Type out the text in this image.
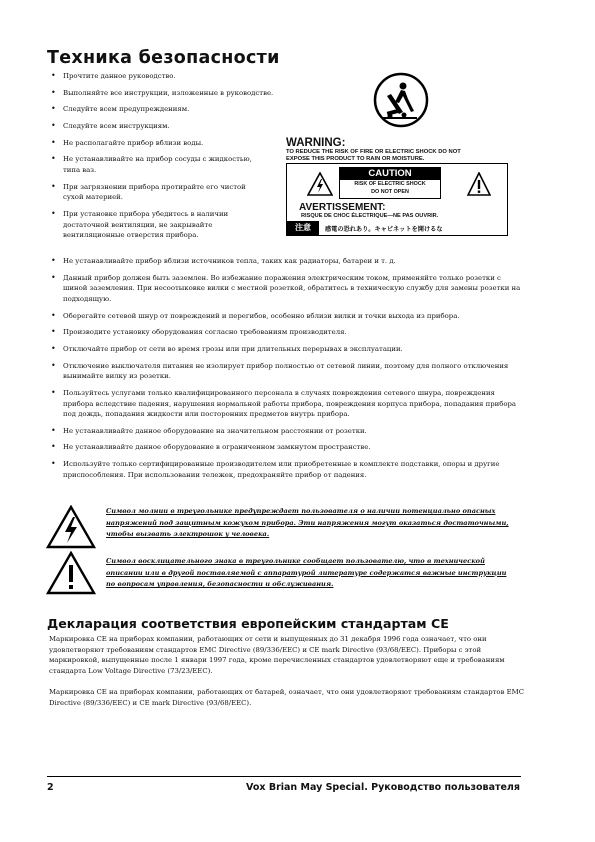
Техника безопасности
• Прочтите данное руководство.
• Выполняйте все инструкции, изложенные в руководстве.
• Следуйте всем предупреждениям.
• Следуйте всем инструкциям.
• Не располагайте прибор вблизи воды.
• Не устанавливайте на прибор сосуды с жидкостью, типа ваз.
• При загрязнении прибора протирайте его чистой сухой материей.
• При установке прибора убедитесь в наличии достаточной вентиляции, не закрывайте вентиляционные отверстия прибора.
WARNING:
TO REDUCE THE RISK OF FIRE OR ELECTRIC SHOCK DO NOT
EXPOSE THIS PRODUCT TO RAIN OR MOISTURE.
CAUTION
RISK OF ELECTRIC SHOCK
DO NOT OPEN
AVERTISSEMENT:
RISQUE DE CHOC ÉLECTRIQUE—NE PAS OUVRIR.
注意	感電の恐れあり。キャビネットを開けるな
• Не устанавливайте прибор вблизи источников тепла, таких как радиаторы, батареи и т. д.
• Данный прибор должен быть заземлен. Во избежание поражения электрическим током, применяйте только розетки с шиной заземления. При несоотыковке вилки с местной розеткой, обратитесь в техническую службу для замены розетки на подходящую.
• Оберегайте сетевой шнур от повреждений и перегибов, особенно вблизи вилки и точки выхода из прибора.
• Производите установку оборудования согласно требованиям производителя.
• Отключайте прибор от сети во время грозы или при длительных перерывах в эксплуатации.
• Отключение выключателя питания не изолирует прибор полностью от сетевой линии, поэтому для полного отключения вынимайте вилку из розетки.
• Пользуйтесь услугами только квалифицированного персонала в случаях повреждения сетевого шнура, повреждения прибора вследствие падения, нарушения нормальной работы прибора, повреждения корпуса прибора, попадания прибора под дождь, попадания жидкости или посторонних предметов внутрь прибора.
• Не устанавливайте данное оборудование на значительном расстоянии от розетки.
• Не устанавливайте данное оборудование в ограниченном замкнутом пространстве.
• Используйте только сертифицированные производителем или приобретенные в комплекте подставки, опоры и другие приспособления. При использовании тележек, предохраняйте прибор от падения.
Символ молнии в треугольнике предупреждает пользователя о наличии потенциально опасных напряжений под защитным кожухом прибора. Эти напряжения могут оказаться достаточными, чтобы вызвать электрошок у человека.
Символ восклицательного знака в треугольнике сообщает пользователю, что в технической описании или в другой поставляемой с аппаратурой литературе содержатся важные инструкции по вопросам управления, безопасности и обслуживания.
Декларация соответствия европейским стандартам CE
Маркировка CE на приборах компании, работающих от сети и выпущенных до 31 декабря 1996 года означает, что они удовлетворяют требованиям стандартов EMC Directive (89/336/EEC) и CE mark Directive (93/68/EEC). Приборы с этой маркировкой, выпущенные после 1 январи 1997 года, кроме перечисленных стандартов удовлетворяют еще и требованиям стандарта Low Voltage Directive (73/23/EEC).
Маркировка CE на приборах компании, работающих от батарей, означает, что они удовлетворяют требованиям стандартов EMC Directive (89/336/EEC) и CE mark Directive (93/68/EEC).
2	Vox Brian May Special. Руководство пользователя
